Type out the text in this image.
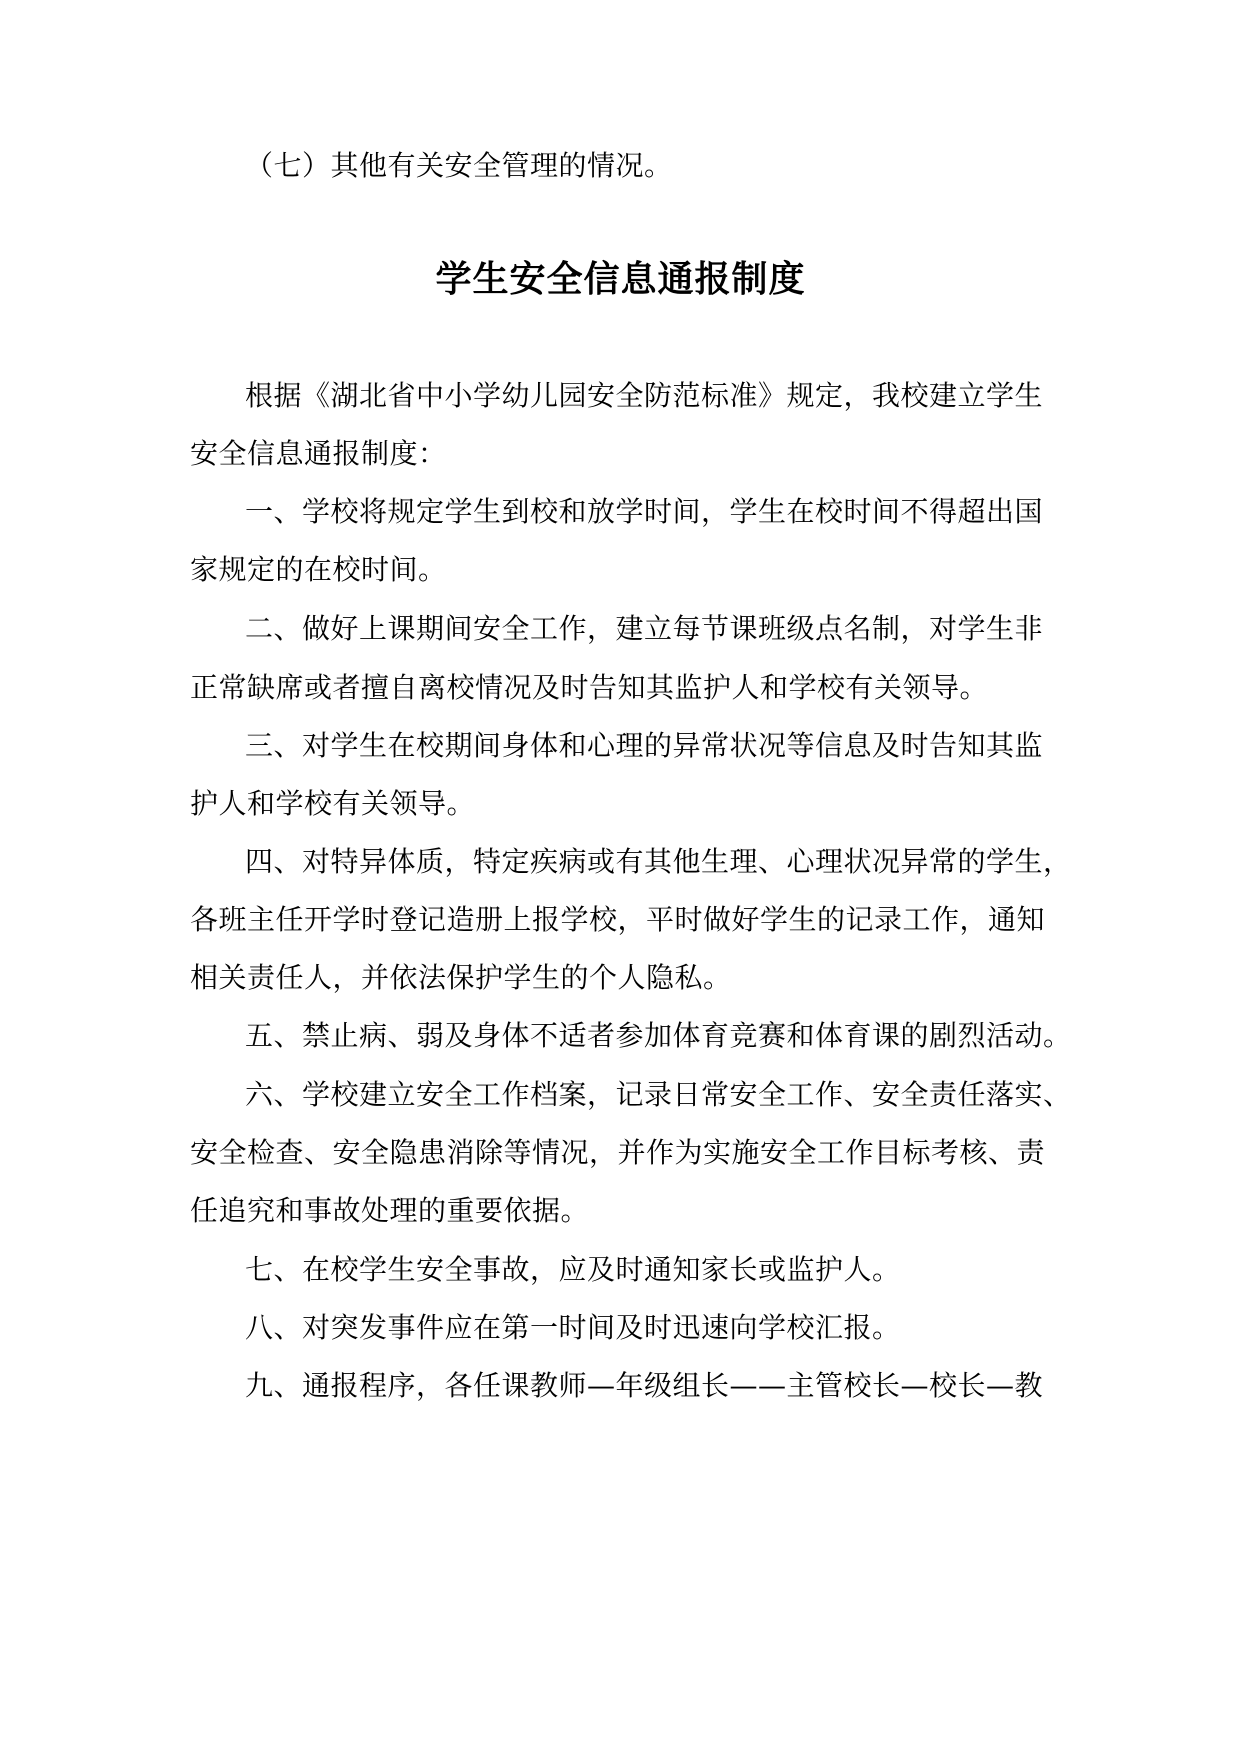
（七）其他有关安全管理的情况。
学生安全信息通报制度
根据《湖北省中小学幼儿园安全防范标准》规定，我校建立学生
安全信息通报制度：
一、学校将规定学生到校和放学时间，学生在校时间不得超出国
家规定的在校时间。
二、做好上课期间安全工作，建立每节课班级点名制，对学生非
正常缺席或者擅自离校情况及时告知其监护人和学校有关领导。
三、对学生在校期间身体和心理的异常状况等信息及时告知其监
护人和学校有关领导。
四、对特异体质，特定疾病或有其他生理、心理状况异常的学生，
各班主任开学时登记造册上报学校，平时做好学生的记录工作，通知
相关责任人，并依法保护学生的个人隐私。
五、禁止病、弱及身体不适者参加体育竞赛和体育课的剧烈活动。
六、学校建立安全工作档案，记录日常安全工作、安全责任落实、
安全检查、安全隐患消除等情况，并作为实施安全工作目标考核、责
任追究和事故处理的重要依据。
七、在校学生安全事故，应及时通知家长或监护人。
八、对突发事件应在第一时间及时迅速向学校汇报。
九、通报程序，各任课教师—年级组长——主管校长—校长—教
